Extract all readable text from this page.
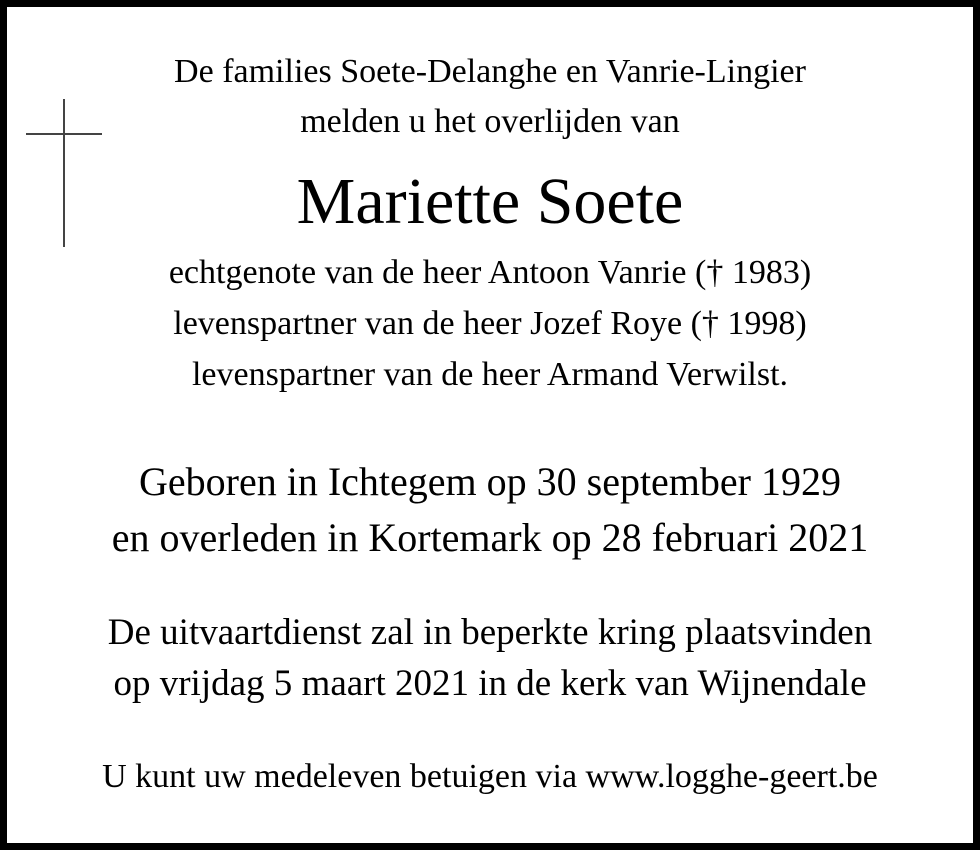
De families Soete-Delanghe en Vanrie-Lingier
melden u het overlijden van
Mariette Soete
echtgenote van de heer Antoon Vanrie († 1983)
levenspartner van de heer Jozef Roye († 1998)
levenspartner van de heer Armand Verwilst.
Geboren in Ichtegem op 30 september 1929
en overleden in Kortemark op 28 februari 2021
De uitvaartdienst zal in beperkte kring plaatsvinden
op vrijdag 5 maart 2021 in de kerk van Wijnendale
U kunt uw medeleven betuigen via www.logghe-geert.be
